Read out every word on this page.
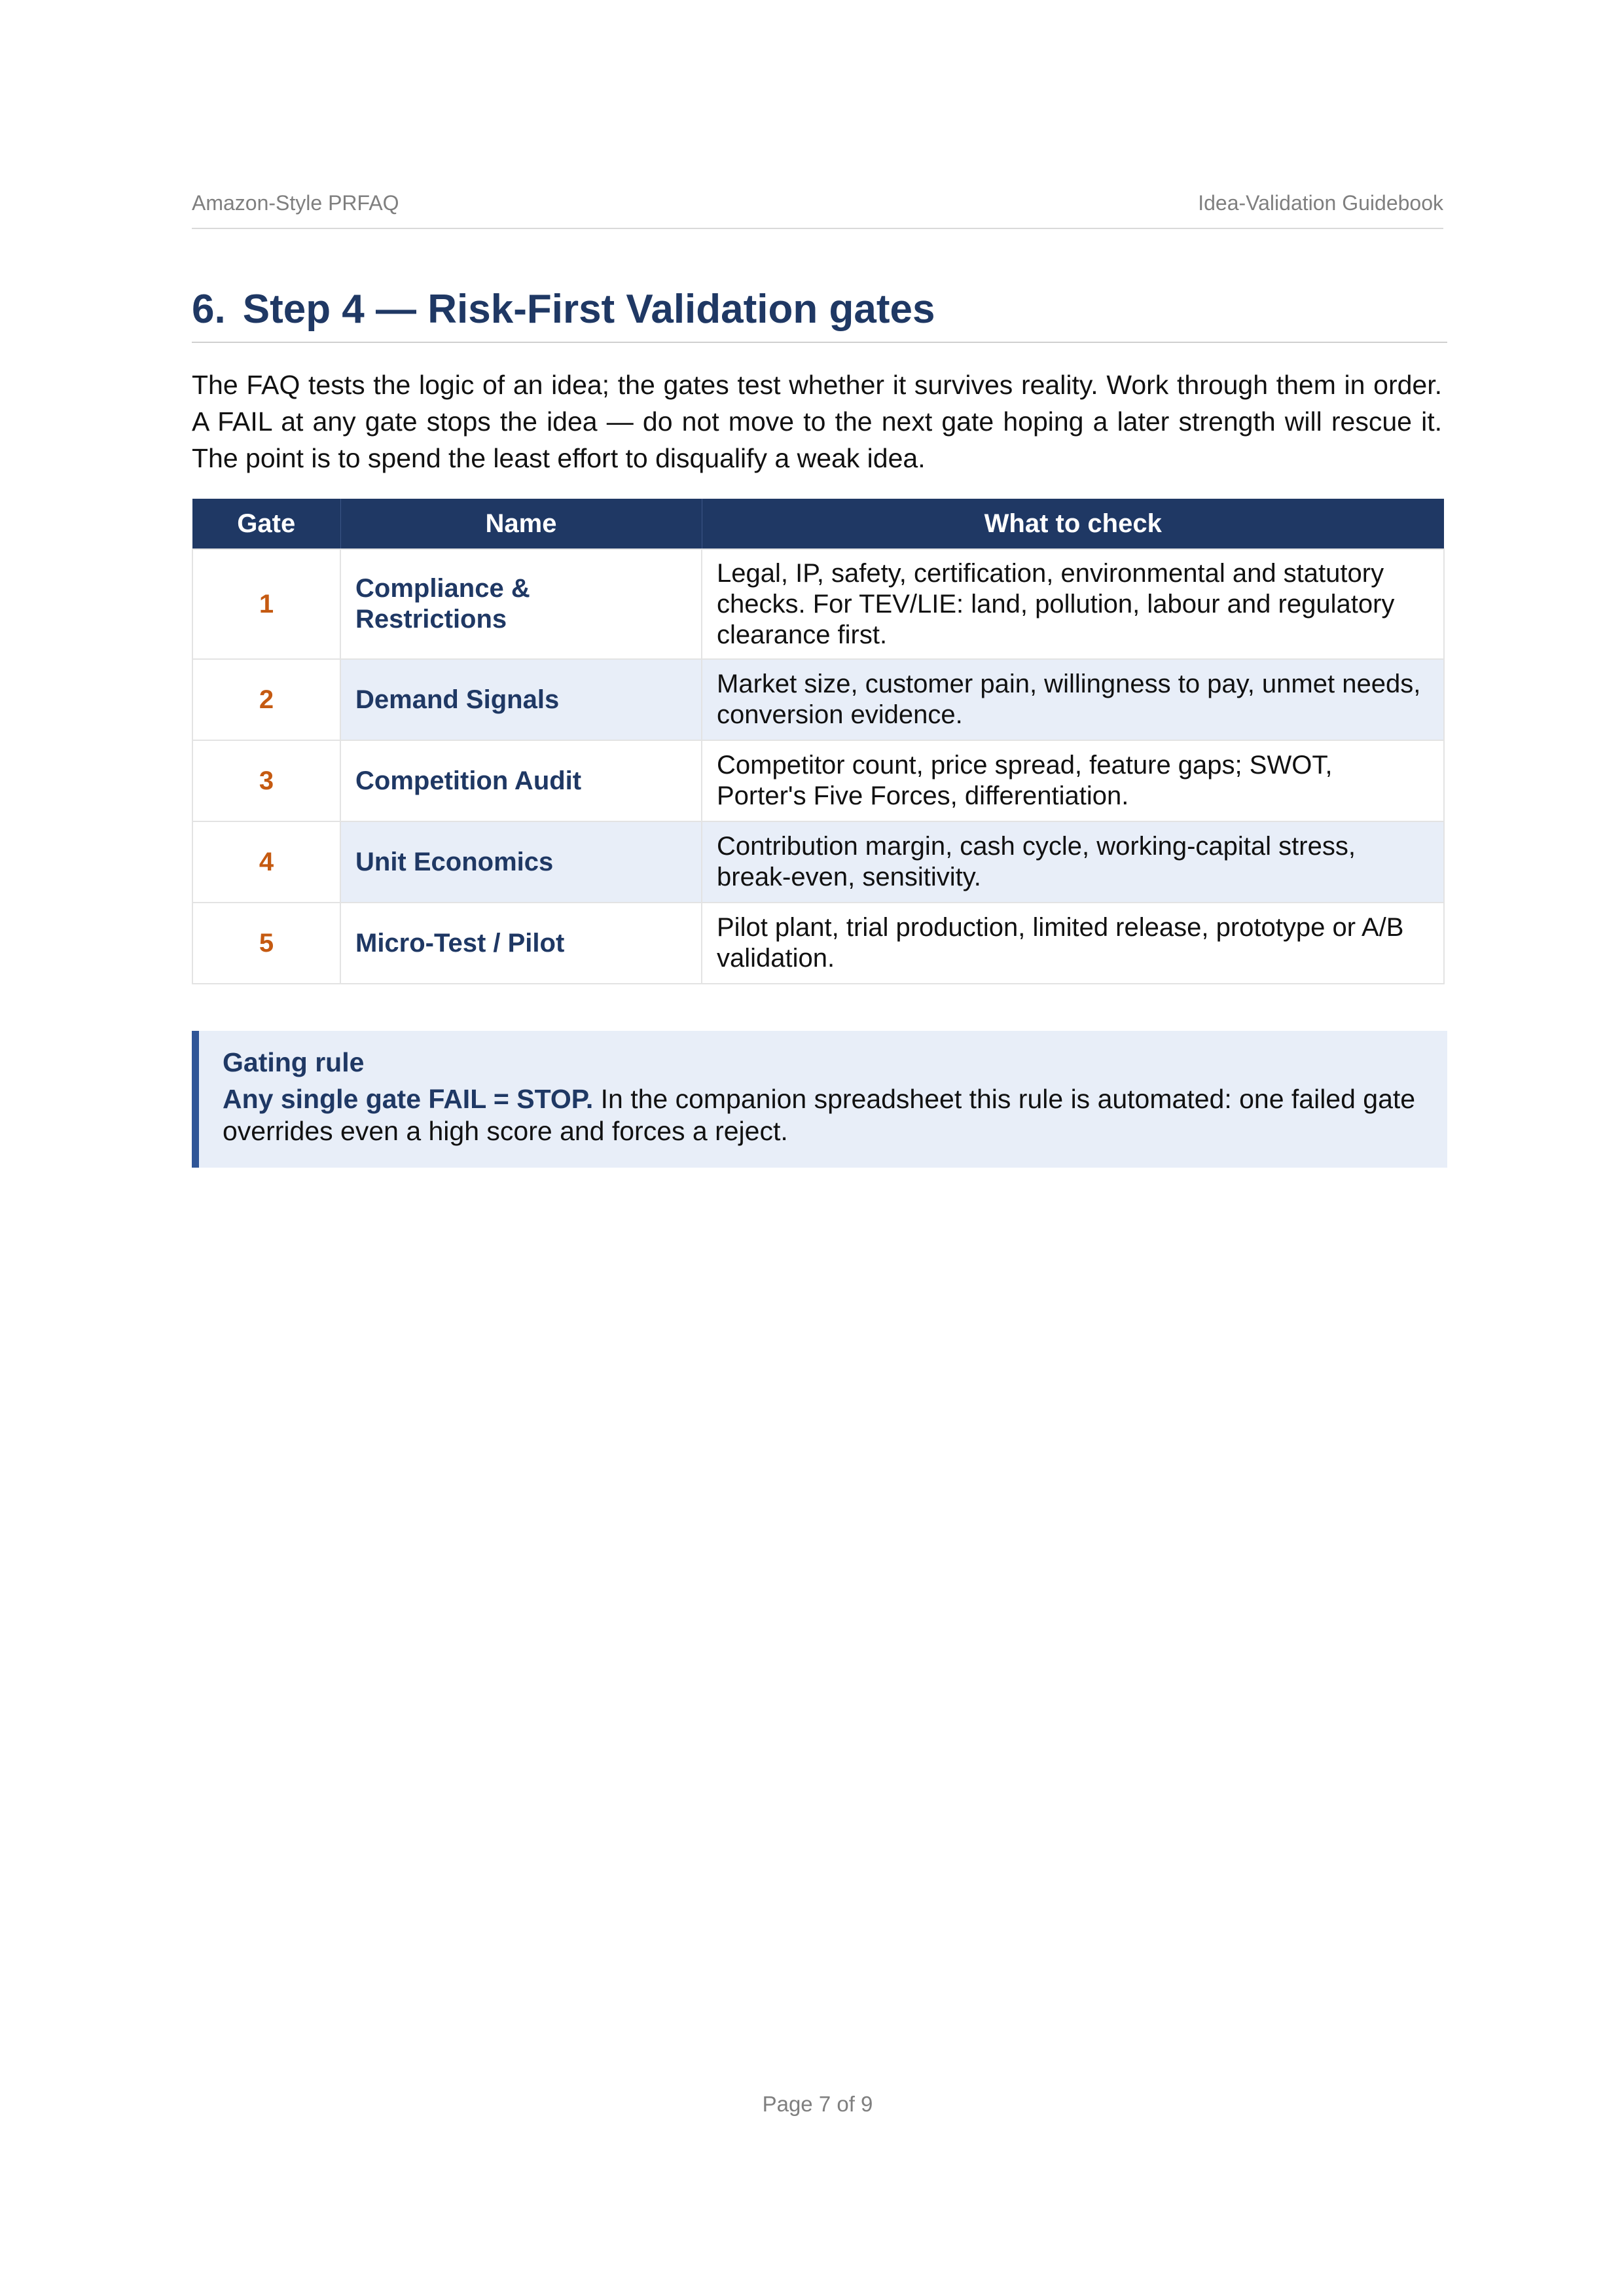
Amazon-Style PRFAQ	Idea-Validation Guidebook
6. Step 4 — Risk-First Validation gates

The FAQ tests the logic of an idea; the gates test whether it survives reality. Work through them in order. A FAIL at any gate stops the idea — do not move to the next gate hoping a later strength will rescue it. The point is to spend the least effort to disqualify a weak idea.

Gate	Name	What to check
1	Compliance & Restrictions	Legal, IP, safety, certification, environmental and statutory checks. For TEV/LIE: land, pollution, labour and regulatory clearance first.
2	Demand Signals	Market size, customer pain, willingness to pay, unmet needs, conversion evidence.
3	Competition Audit	Competitor count, price spread, feature gaps; SWOT, Porter's Five Forces, differentiation.
4	Unit Economics	Contribution margin, cash cycle, working-capital stress, break-even, sensitivity.
5	Micro-Test / Pilot	Pilot plant, trial production, limited release, prototype or A/B validation.
Gating rule
Any single gate FAIL = STOP. In the companion spreadsheet this rule is automated: one failed gate overrides even a high score and forces a reject.
Page 7 of 9
